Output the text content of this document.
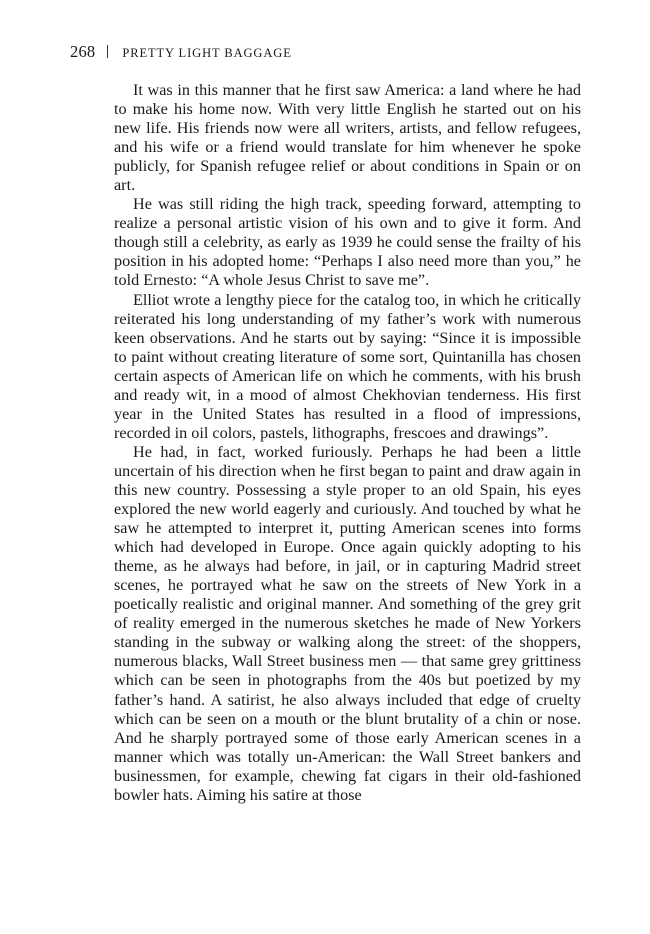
268 PRETTY LIGHT BAGGAGE

It was in this manner that he first saw America: a land where he had to make his home now. With very little English he started out on his new life. His friends now were all writers, artists, and fellow refugees, and his wife or a friend would translate for him whenever he spoke publicly, for Spanish refugee relief or about conditions in Spain or on art.

He was still riding the high track, speeding forward, attempting to realize a personal artistic vision of his own and to give it form. And though still a celebrity, as early as 1939 he could sense the frailty of his position in his adopted home: “Perhaps I also need more than you,” he told Ernesto: “A whole Jesus Christ to save me”.

Elliot wrote a lengthy piece for the catalog too, in which he critically reiterated his long understanding of my father’s work with numerous keen observations. And he starts out by saying: “Since it is impossible to paint without creating literature of some sort, Quintanilla has chosen certain aspects of American life on which he comments, with his brush and ready wit, in a mood of almost Chekhovian tenderness. His first year in the United States has resulted in a flood of impressions, recorded in oil colors, pastels, lithographs, frescoes and drawings”.

He had, in fact, worked furiously. Perhaps he had been a little uncertain of his direction when he first began to paint and draw again in this new country. Possessing a style proper to an old Spain, his eyes explored the new world eagerly and curiously. And touched by what he saw he attempted to interpret it, putting American scenes into forms which had developed in Europe. Once again quickly adopting to his theme, as he always had before, in jail, or in capturing Madrid street scenes, he portrayed what he saw on the streets of New York in a poetically realistic and original manner. And something of the grey grit of reality emerged in the numerous sketches he made of New Yorkers standing in the subway or walking along the street: of the shoppers, numerous blacks, Wall Street business men — that same grey grittiness which can be seen in photographs from the 40s but poetized by my father’s hand. A satirist, he also always included that edge of cruelty which can be seen on a mouth or the blunt brutality of a chin or nose. And he sharply portrayed some of those early American scenes in a manner which was totally un-American: the Wall Street bankers and businessmen, for example, chewing fat cigars in their old-fashioned bowler hats. Aiming his satire at those
